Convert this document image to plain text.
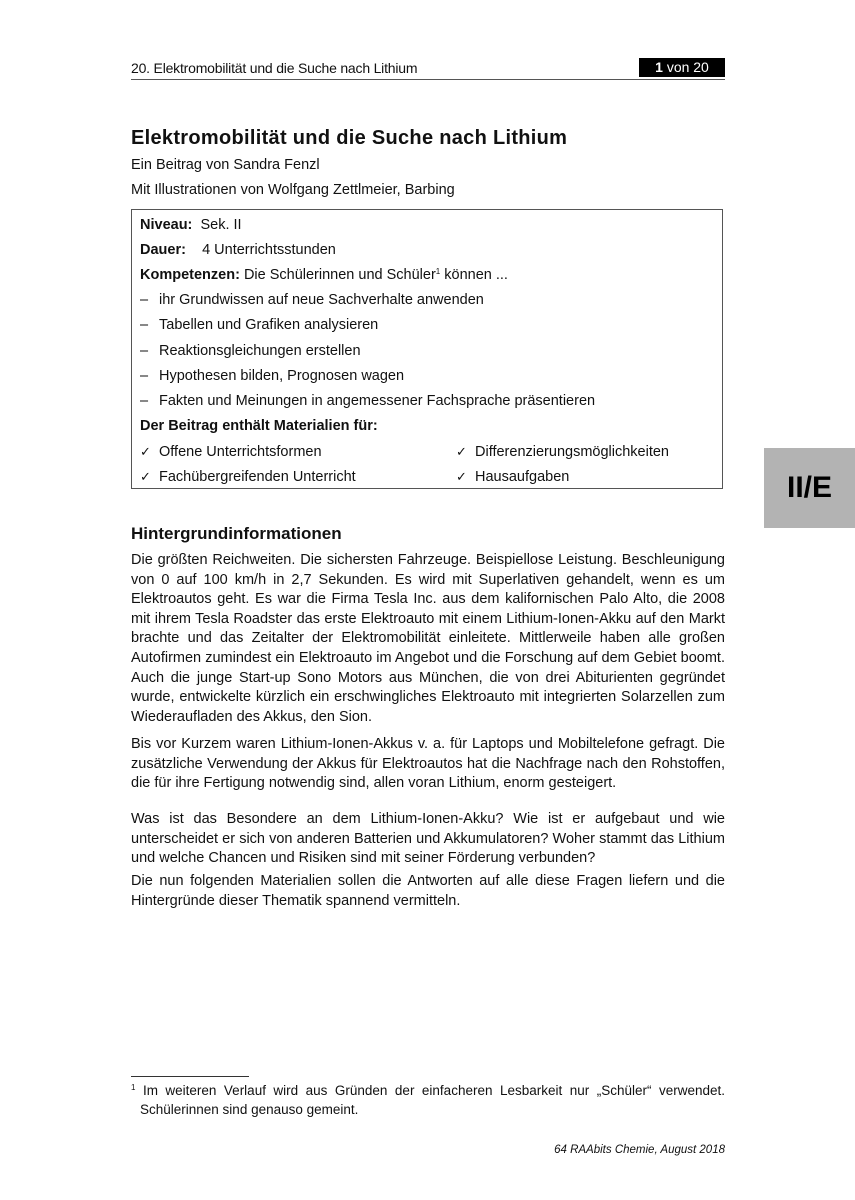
20. Elektromobilität und die Suche nach Lithium	1 von 20
Elektromobilität und die Suche nach Lithium
Ein Beitrag von Sandra Fenzl
Mit Illustrationen von Wolfgang Zettlmeier, Barbing
Niveau: Sek. II
Dauer: 4 Unterrichtsstunden
Kompetenzen: Die Schülerinnen und Schüler$^1$ können ...
– ihr Grundwissen auf neue Sachverhalte anwenden
– Tabellen und Grafiken analysieren
– Reaktionsgleichungen erstellen
– Hypothesen bilden, Prognosen wagen
– Fakten und Meinungen in angemessener Fachsprache präsentieren
Der Beitrag enthält Materialien für:
✓ Offene Unterrichtsformen	✓ Differenzierungsmöglichkeiten
✓ Fachübergreifenden Unterricht	✓ Hausaufgaben	II/E
Hintergrundinformationen
Die größten Reichweiten. Die sichersten Fahrzeuge. Beispiellose Leistung. Beschleunigung von 0 auf 100 km/h in 2,7 Sekunden. Es wird mit Superlativen gehandelt, wenn es um Elektroautos geht. Es war die Firma Tesla Inc. aus dem kalifornischen Palo Alto, die 2008 mit ihrem Tesla Roadster das erste Elektroauto mit einem Lithium-Ionen-Akku auf den Markt brachte und das Zeitalter der Elektromobilität einleitete. Mittlerweile haben alle großen Autofirmen zumindest ein Elektroauto im Angebot und die Forschung auf dem Gebiet boomt. Auch die junge Start-up Sono Motors aus München, die von drei Abiturienten gegründet wurde, entwickelte kürzlich ein erschwingliches Elektroauto mit integrierten Solarzellen zum Wiederaufladen des Akkus, den Sion.
Bis vor Kurzem waren Lithium-Ionen-Akkus v. a. für Laptops und Mobiltelefone gefragt. Die zusätzliche Verwendung der Akkus für Elektroautos hat die Nachfrage nach den Rohstoffen, die für ihre Fertigung notwendig sind, allen voran Lithium, enorm gesteigert.
Was ist das Besondere an dem Lithium-Ionen-Akku? Wie ist er aufgebaut und wie unterscheidet er sich von anderen Batterien und Akkumulatoren? Woher stammt das Lithium und welche Chancen und Risiken sind mit seiner Förderung verbunden?
Die nun folgenden Materialien sollen die Antworten auf alle diese Fragen liefern und die Hintergründe dieser Thematik spannend vermitteln.
$^1$ Im weiteren Verlauf wird aus Gründen der einfacheren Lesbarkeit nur „Schüler“ verwendet. Schülerinnen sind genauso gemeint.
64 RAAbits Chemie, August 2018
